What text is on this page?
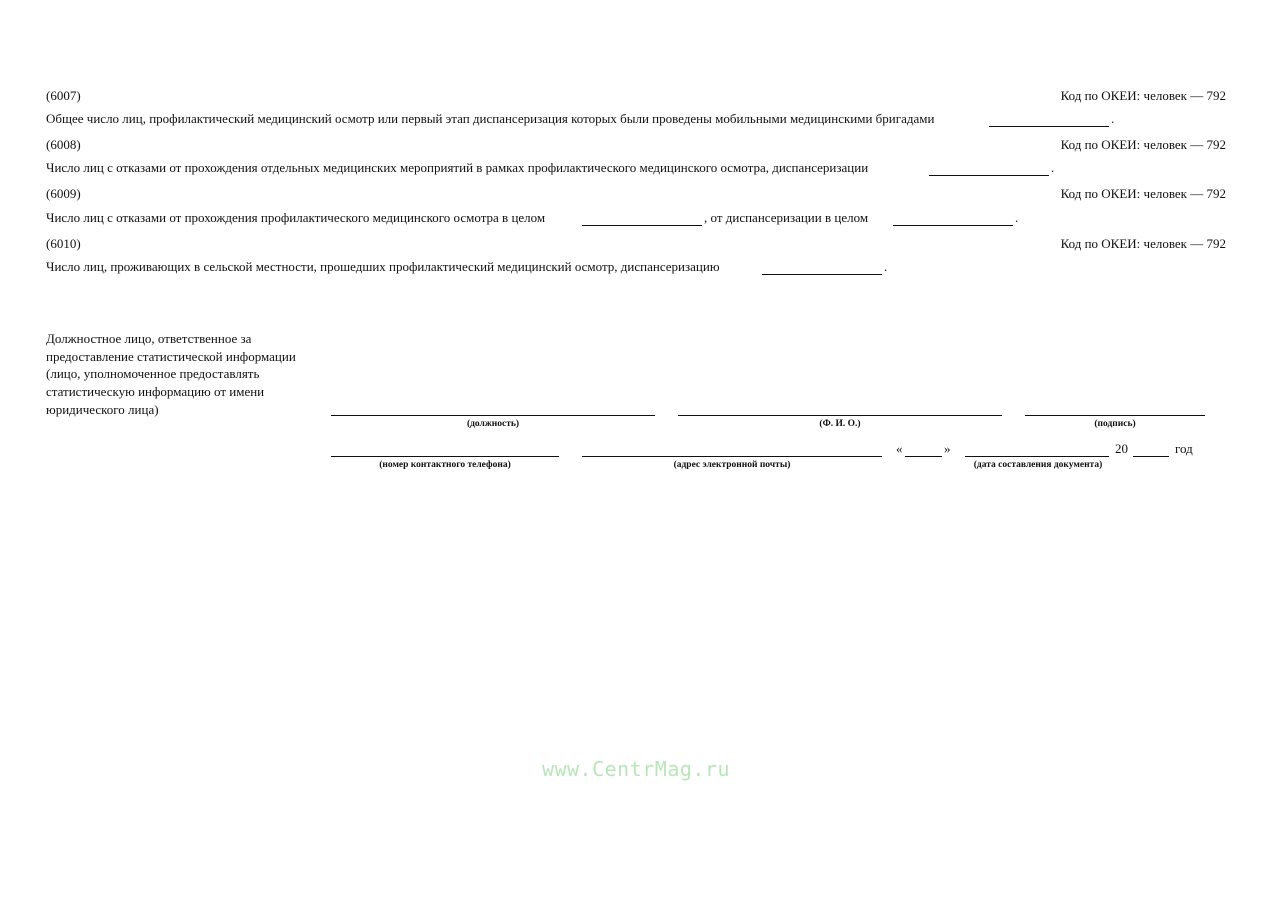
(6007)	Код по ОКЕИ: человек — 792
Общее число лиц, профилактический медицинский осмотр или первый этап диспансеризация которых были проведены мобильными медицинскими бригадами	.
(6008)	Код по ОКЕИ: человек — 792
Число лиц с отказами от прохождения отдельных медицинских мероприятий в рамках профилактического медицинского осмотра, диспансеризации	.
(6009)	Код по ОКЕИ: человек — 792
Число лиц с отказами от прохождения профилактического медицинского осмотра в целом	, от диспансеризации в целом	.
(6010)	Код по ОКЕИ: человек — 792
Число лиц, проживающих в сельской местности, прошедших профилактический медицинский осмотр, диспансеризацию	.
Должностное лицо, ответственное за предоставление статистической информации (лицо, уполномоченное предоставлять статистическую информацию от имени юридического лица)
(должность)	(Ф. И. О.)	(подпись)
(номер контактного телефона)	(адрес электронной почты)
«	»
(дата составления документа)
20	год
www.CentrMag.ru
